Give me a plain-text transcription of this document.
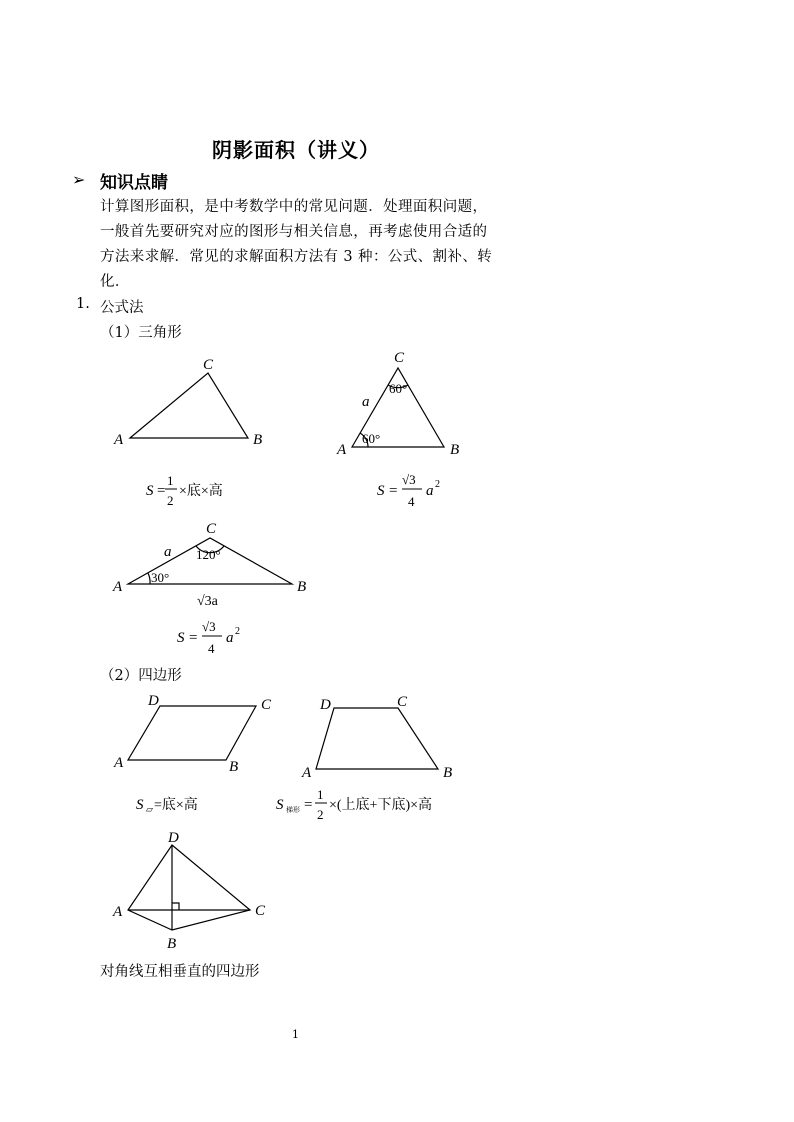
阴影面积（讲义）
➢ 知识点睛
计算图形面积，是中考数学中的常见问题．处理面积问题，
一般首先要研究对应的图形与相关信息，再考虑使用合适的
方法来求解．常见的求解面积方法有 3 种：公式、割补、转
化．
1. 公式法
（1）三角形
（2）四边形
C
A	B
S =
1
2
×底×高
C
A	B
a
60°
60°
S =
√3
4
a 2
C
A	B
a 120°
30°
√3a
S =
√3
4
a 2
D	C
A	B
S ▱ =底×高
D	C
A	B
S 梯形 =
1
2
×(上底+下底)×高
D
A	C
B
对角线互相垂直的四边形
1
